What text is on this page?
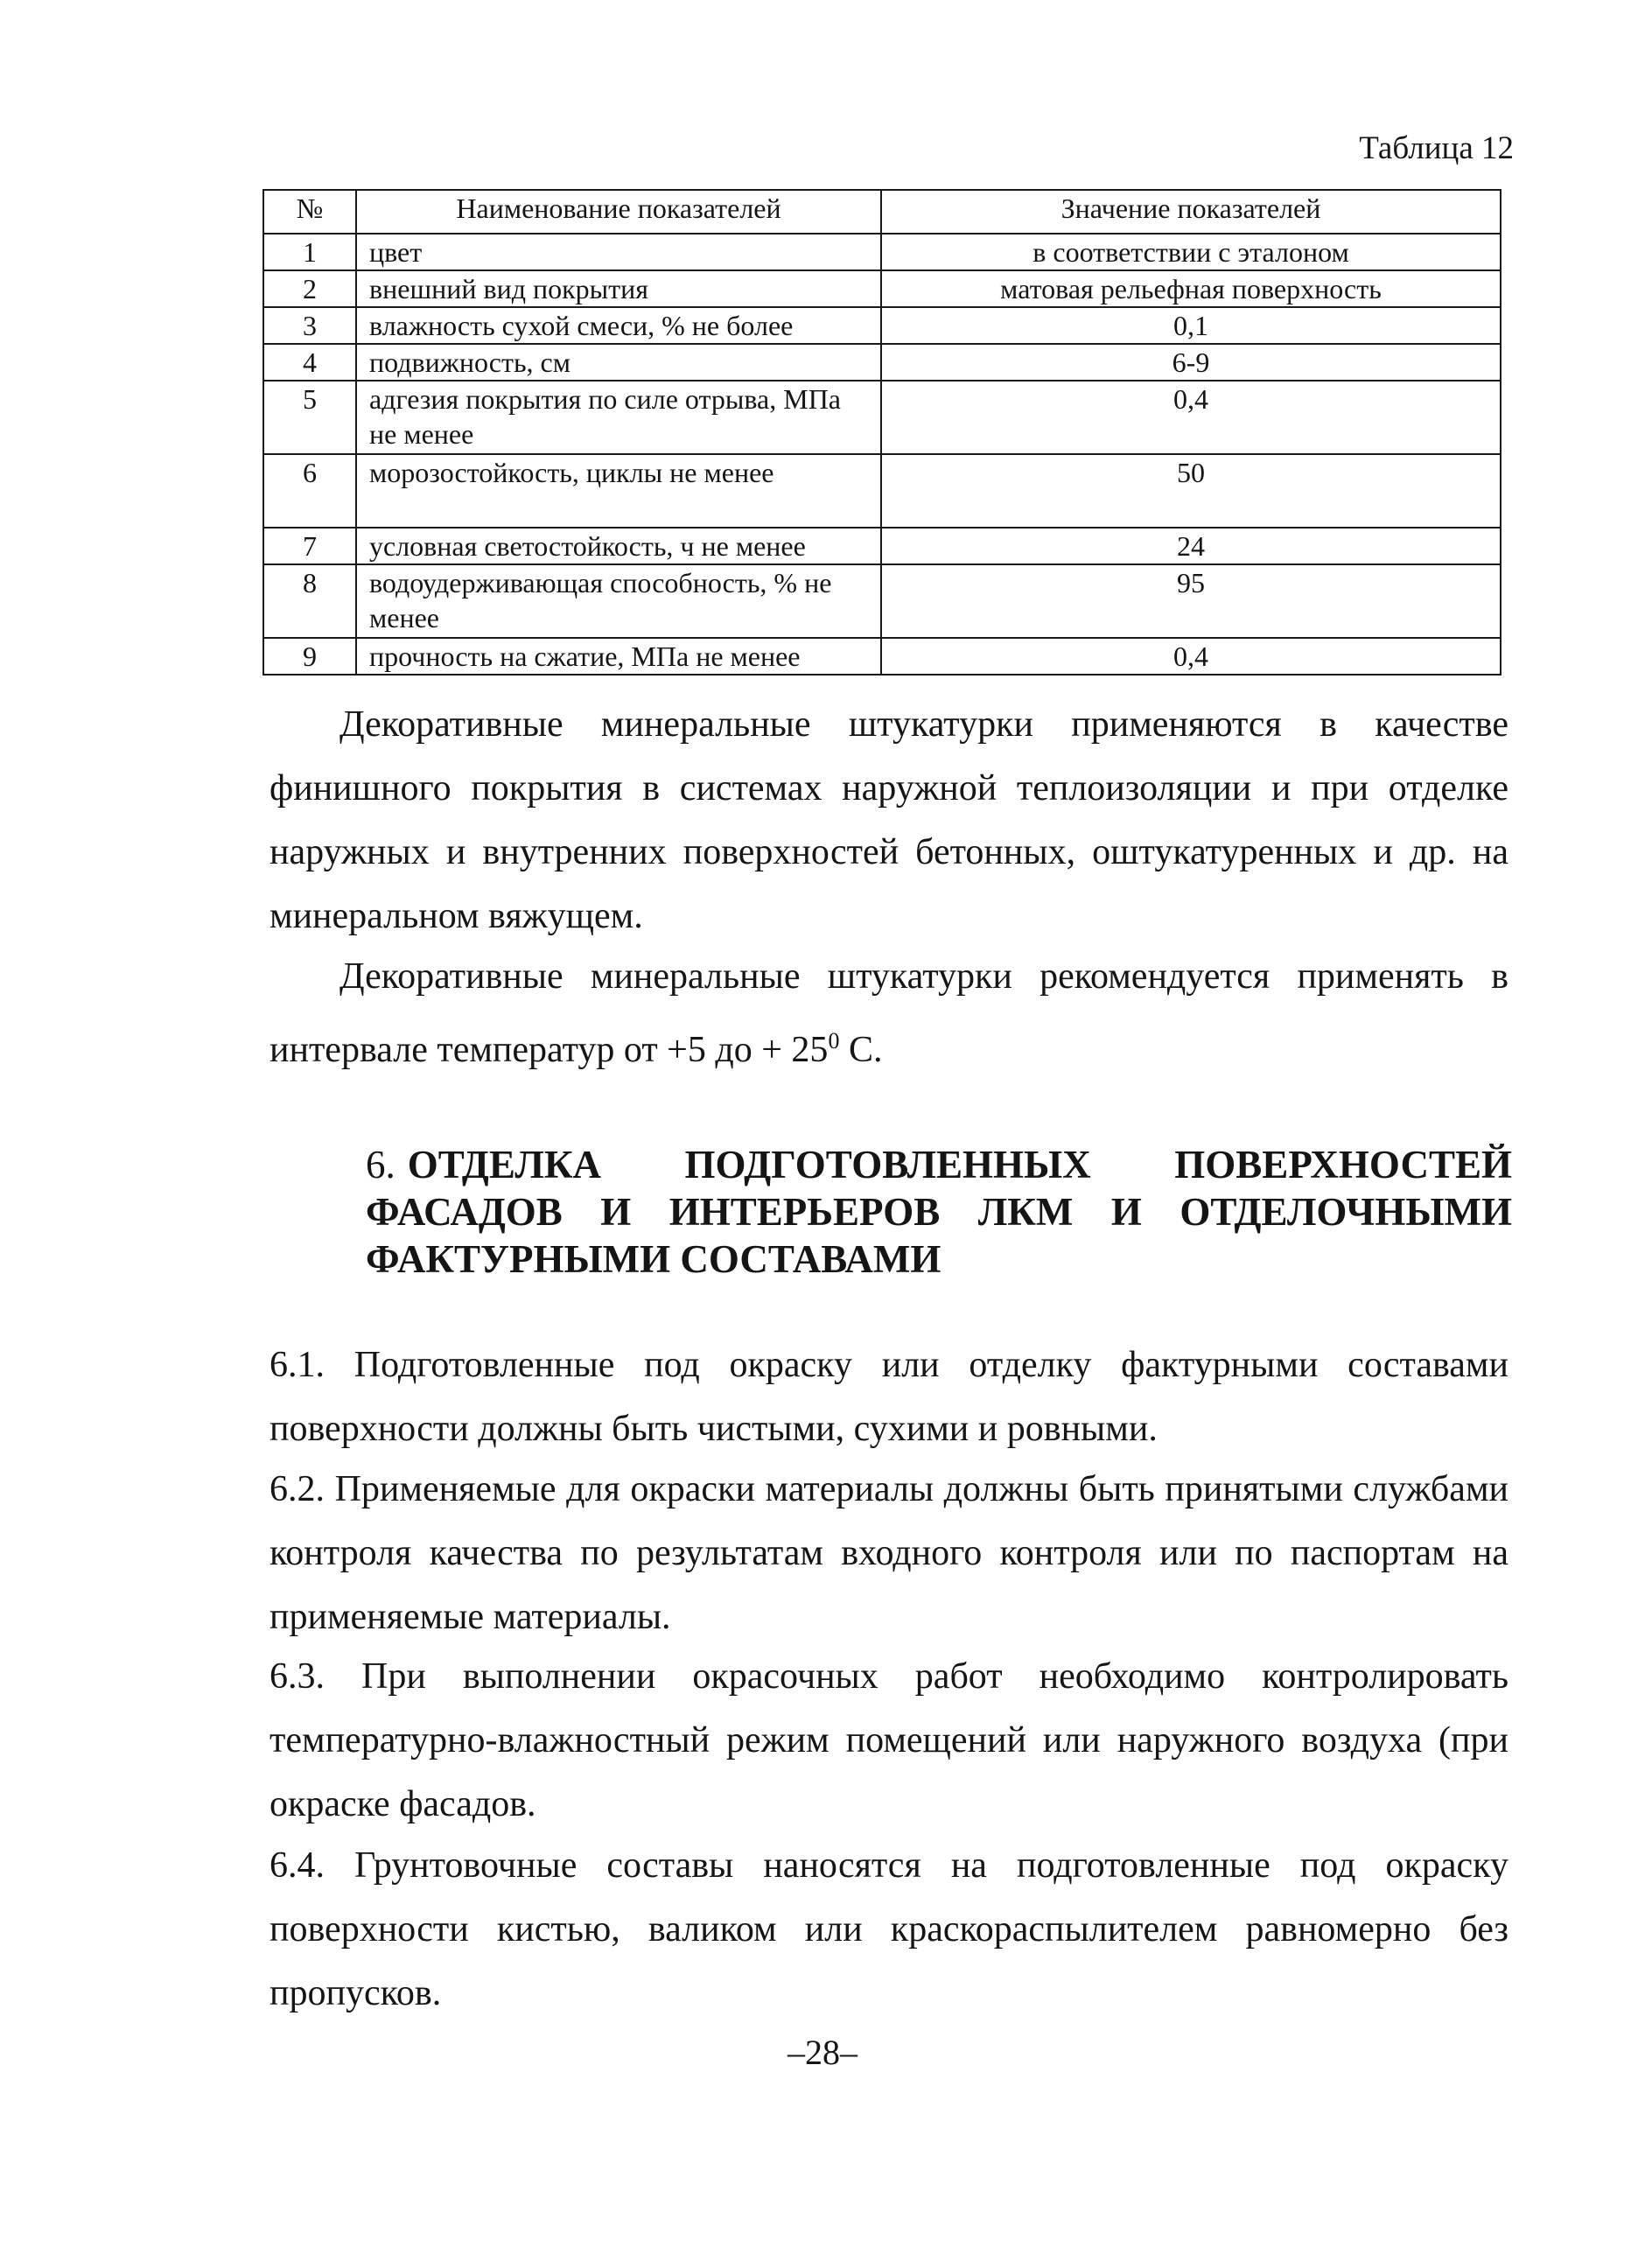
Таблица 12
№	Наименование показателей	Значение показателей
1	цвет	в соответствии с эталоном
2	внешний вид покрытия	матовая рельефная поверхность
3	влажность сухой смеси, % не более	0,1
4	подвижность, см	6-9
5	адгезия покрытия по силе отрыва, МПа не менее	0,4
6	морозостойкость, циклы не менее	50
7	условная светостойкость, ч не менее	24
8	водоудерживающая способность, % не менее	95
9	прочность на сжатие, МПа не менее	0,4

Декоративные минеральные штукатурки применяются в качестве финишного покрытия в системах наружной теплоизоляции и при отделке наружных и внутренних поверхностей бетонных, оштукатуренных и др. на минеральном вяжущем.

Декоративные минеральные штукатурки рекомендуется применять в интервале температур от +5 до + $25^0$ С.

6. ОТДЕЛКА ПОДГОТОВЛЕННЫХ ПОВЕРХНОСТЕЙ ФАСАДОВ И ИНТЕРЬЕРОВ ЛКМ И ОТДЕЛОЧНЫМИ ФАКТУРНЫМИ СОСТАВАМИ

6.1. Подготовленные под окраску или отделку фактурными составами поверхности должны быть чистыми, сухими и ровными.

6.2. Применяемые для окраски материалы должны быть принятыми службами контроля качества по результатам входного контроля или по паспортам на применяемые материалы.

6.3. При выполнении окрасочных работ необходимо контролировать температурно-влажностный режим помещений или наружного воздуха (при окраске фасадов.

6.4. Грунтовочные составы наносятся на подготовленные под окраску поверхности кистью, валиком или краскораспылителем равномерно без пропусков.

–28–
